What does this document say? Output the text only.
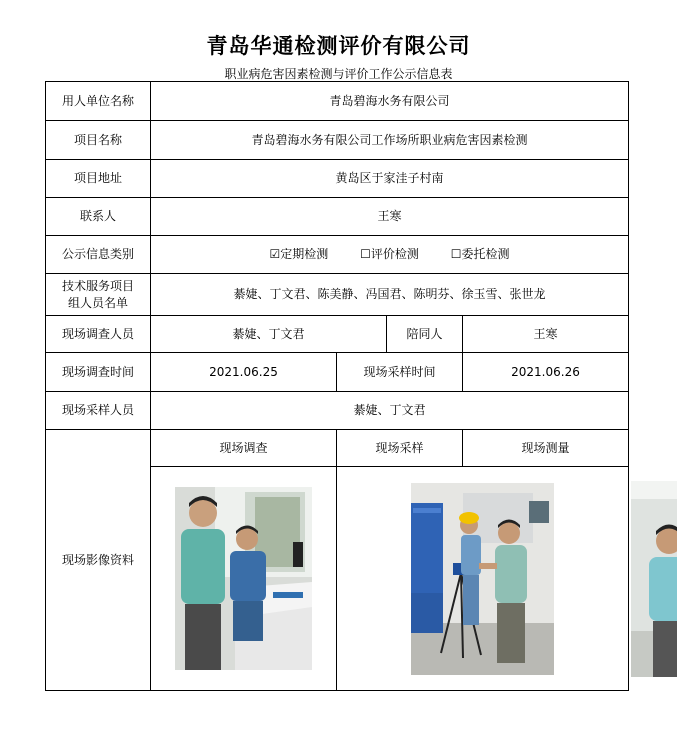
青岛华通检测评价有限公司
职业病危害因素检测与评价工作公示信息表
用人单位名称	青岛碧海水务有限公司				
项目名称	青岛碧海水务有限公司工作场所职业病危害因素检测				
项目地址	黄岛区于家洼子村南				
联系人	王寒				
公示信息类别	☑定期检测 ☐评价检测 ☐委托检测				

技术服务项目
组人员名单	綦婕、丁文君、陈美静、冯国君、陈明芬、徐玉雪、张世龙				
现场调查人员	綦婕、丁文君		陪同人	王寒	
现场调查时间	2021.06.25	现场采样时间		2021.06.26	
现场采样人员	綦婕、丁文君				
现场影像资料	现场调查	现场采样		现场测量	
